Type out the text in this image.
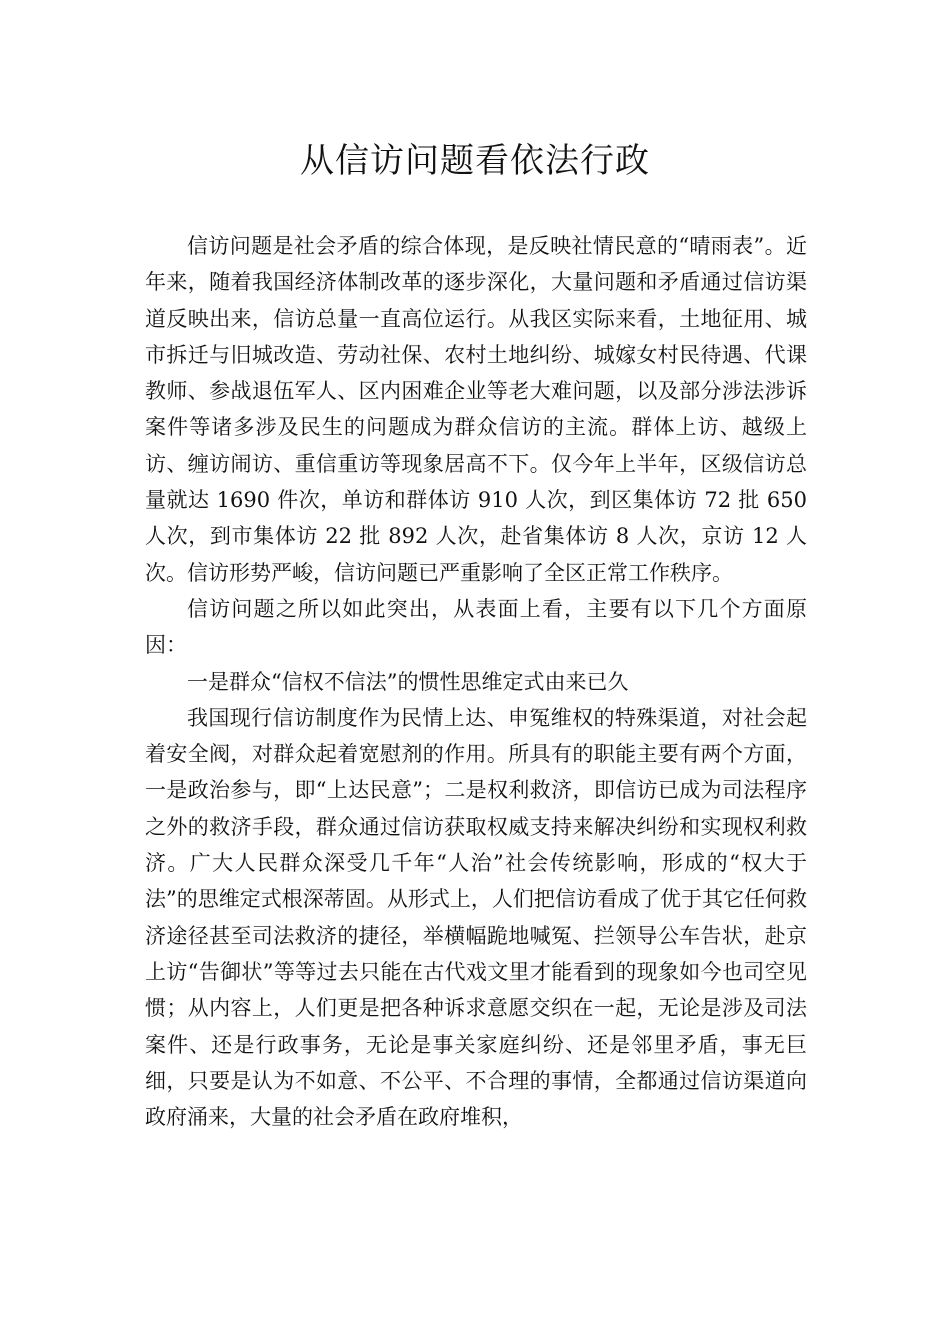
从信访问题看依法行政

信访问题是社会矛盾的综合体现，是反映社情民意的“晴雨表”。近年来，随着我国经济体制改革的逐步深化，大量问题和矛盾通过信访渠道反映出来，信访总量一直高位运行。从我区实际来看，土地征用、城市拆迁与旧城改造、劳动社保、农村土地纠纷、城嫁女村民待遇、代课教师、参战退伍军人、区内困难企业等老大难问题，以及部分涉法涉诉案件等诸多涉及民生的问题成为群众信访的主流。群体上访、越级上访、缠访闹访、重信重访等现象居高不下。仅今年上半年，区级信访总量就达 1690 件次，单访和群体访 910 人次，到区集体访 72 批 650 人次，到市集体访 22 批 892 人次，赴省集体访 8 人次，京访 12 人次。信访形势严峻，信访问题已严重影响了全区正常工作秩序。

信访问题之所以如此突出，从表面上看，主要有以下几个方面原因：

一是群众“信权不信法”的惯性思维定式由来已久

我国现行信访制度作为民情上达、申冤维权的特殊渠道，对社会起着安全阀，对群众起着宽慰剂的作用。所具有的职能主要有两个方面，一是政治参与，即“上达民意”；二是权利救济，即信访已成为司法程序之外的救济手段，群众通过信访获取权威支持来解决纠纷和实现权利救济。广大人民群众深受几千年“人治”社会传统影响，形成的“权大于法”的思维定式根深蒂固。从形式上，人们把信访看成了优于其它任何救济途径甚至司法救济的捷径，举横幅跪地喊冤、拦领导公车告状，赴京上访“告御状”等等过去只能在古代戏文里才能看到的现象如今也司空见惯；从内容上，人们更是把各种诉求意愿交织在一起，无论是涉及司法案件、还是行政事务，无论是事关家庭纠纷、还是邻里矛盾，事无巨细，只要是认为不如意、不公平、不合理的事情，全都通过信访渠道向政府涌来，大量的社会矛盾在政府堆积，
